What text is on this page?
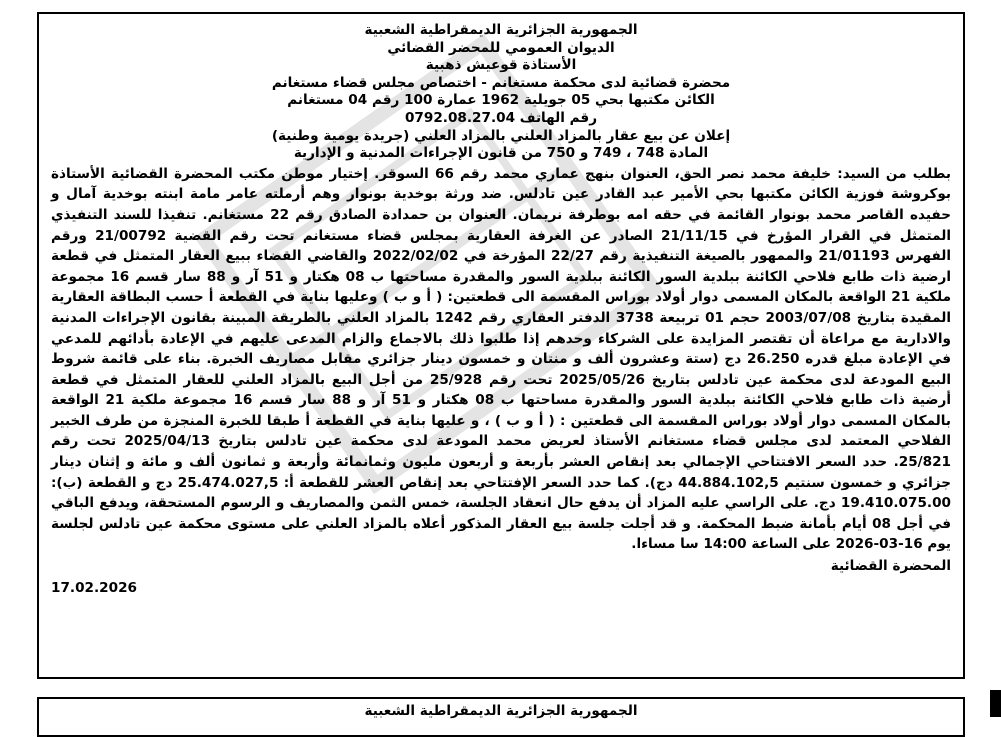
الجمهورية الجزائرية الديمقراطية الشعبية
الديوان العمومي للمحضر القضائي
الأستاذة قوعيش ذهبية
محضرة قضائية لدى محكمة مستغانم - اختصاص مجلس قضاء مستغانم
الكائن مكتبها بحي 05 جويلية 1962 عمارة 100 رقم 04 مستغانم
رقم الهاتف 0792.08.27.04
إعلان عن بيع عقار بالمزاد العلني بالمزاد العلني (جريدة يومية وطنية)
المادة 748 ، 749 و 750 من قانون الإجراءات المدنية و الإدارية
بطلب من السيد: خليفة محمد نصر الحق، العنوان بنهج عماري محمد رقم 66 السوقر. إختيار موطن مكتب المحضرة القضائية الأستاذة بوكروشة فوزية الكائن مكتبها بحي الأمير عبد القادر عين تادلس. ضد ورثة بوخدية بونوار وهم أرملته عامر مامة ابنته بوخدية آمال و حفيده القاصر محمد بونوار القائمة في حقه امه بوطرفة نريمان. العنوان بن حمدادة الصادق رقم 22 مستغانم. تنفيذا للسند التنفيذي المتمثل في القرار المؤرخ في 21/11/15 الصادر عن الغرفة العقارية بمجلس قضاء مستغانم تحت رقم القضية 21/00792 ورقم الفهرس 21/01193 والممهور بالصيغة التنفيذية رقم 22/27 المؤرخة في 2022/02/02 والقاضي القضاء ببيع العقار المتمثل في قطعة ارضية ذات طابع فلاحي الكائنة ببلدية السور الكائنة ببلدية السور والمقدرة مساحتها ب 08 هكتار و 51 آر و 88 سار قسم 16 مجموعة ملكية 21 الواقعة بالمكان المسمى دوار أولاد بوراس المقسمة الى قطعتين: ( أ و ب ) وعليها بناية في القطعة أ حسب البطاقة العقارية المقيدة بتاريخ 2003/07/08 حجم 01 تربيعة 3738 الدفتر العقاري رقم 1242 بالمزاد العلني بالطريقة المبينة بقانون الإجراءات المدنية والادارية مع مراعاة أن تقتصر المزايدة على الشركاء وحدهم إذا طلبوا ذلك بالاجماع والزام المدعى عليهم في الإعادة بأدائهم للمدعي في الإعادة مبلغ قدره 26.250 دج (ستة وعشرون ألف و منتان و خمسون دينار جزائري مقابل مصاريف الخبرة. بناء على قائمة شروط البيع المودعة لدى محكمة عين تادلس بتاريخ 2025/05/26 تحت رقم 25/928 من أجل البيع بالمزاد العلني للعقار المتمثل في قطعة أرضية ذات طابع فلاحي الكائنة ببلدية السور والمقدرة مساحتها ب 08 هكتار و 51 آر و 88 سار قسم 16 مجموعة ملكية 21 الواقعة بالمكان المسمى دوار أولاد بوراس المقسمة الى قطعتين : ( أ و ب ) ، و عليها بناية في القطعة أ طبقا للخبرة المنجزة من طرف الخبير الفلاحي المعتمد لدى مجلس قضاء مستغانم الأستاذ لعريض محمد المودعة لدى محكمة عين تادلس بتاريخ 2025/04/13 تحت رقم 25/821. حدد السعر الافتتاحي الإجمالي بعد إنقاص العشر بأربعة و أربعون مليون وثمانمائة وأربعة و ثمانون ألف و مائة و إثنان دينار جزائري و خمسون سنتيم 44.884.102,5 دج). كما حدد السعر الإفتتاحي بعد إنقاص العشر للقطعة أ: 25.474.027,5 دج و القطعة (ب): 19.410.075.00 دج. على الراسي عليه المزاد أن يدفع حال انعقاد الجلسة، خمس الثمن والمصاريف و الرسوم المستحقة، ويدفع الباقي في أجل 08 أيام بأمانة ضبط المحكمة. و قد أجلت جلسة بيع العقار المذكور أعلاه بالمزاد العلني على مستوى محكمة عين تادلس لجلسة يوم 16-03-2026 على الساعة 14:00 سا مساءا.
المحضرة القضائية
17.02.2026
الجمهورية الجزائرية الديمقراطية الشعبية
